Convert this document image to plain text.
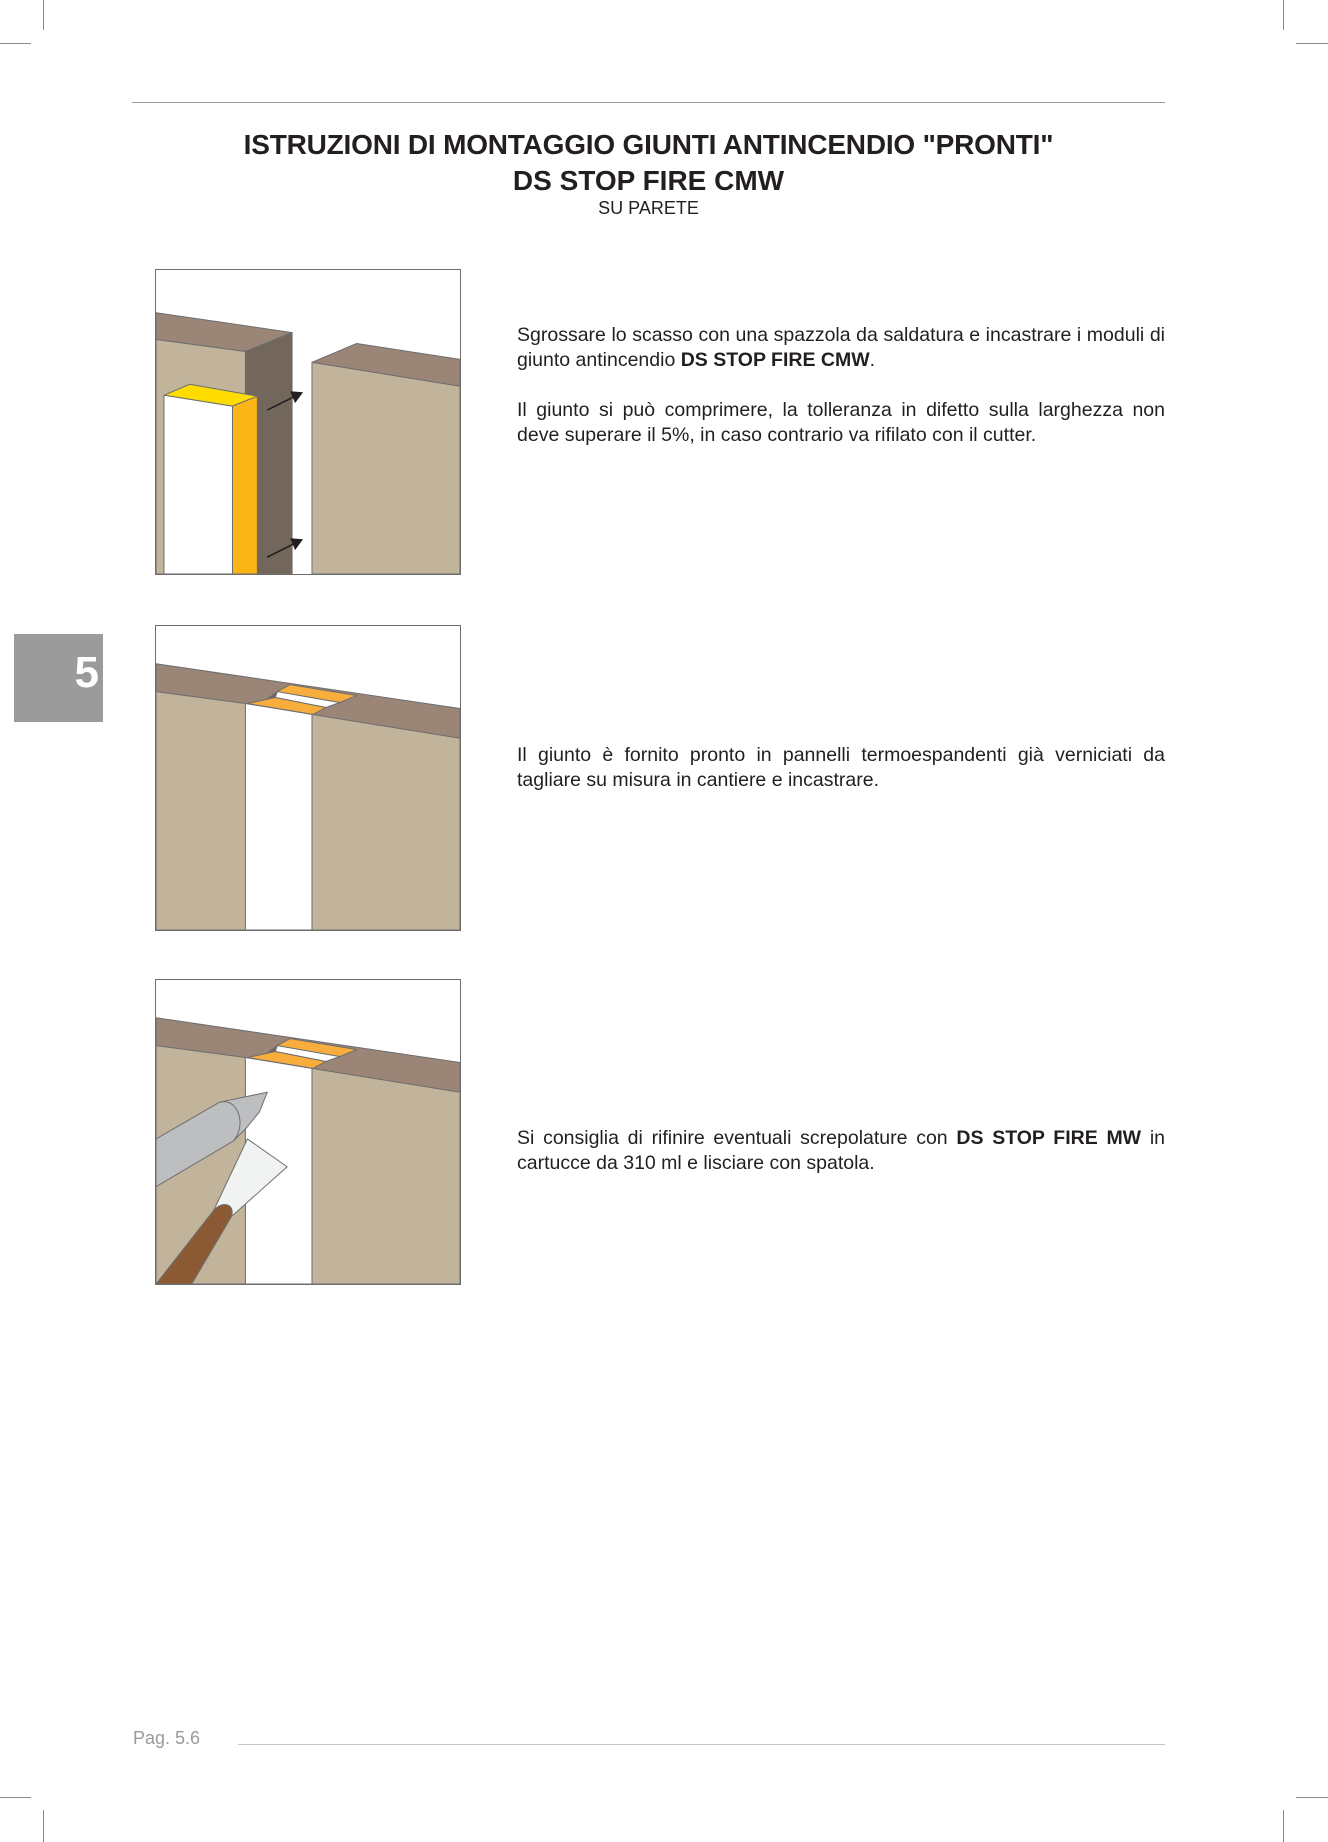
ISTRUZIONI DI MONTAGGIO GIUNTI ANTINCENDIO "PRONTI"
DS STOP FIRE CMW
SU PARETE
5

Sgrossare lo scasso con una spazzola da saldatura e incastrare i moduli di giunto antincendio DS STOP FIRE CMW.

Il giunto si può comprimere, la tolleranza in difetto sulla larghezza non deve superare il 5%, in caso contrario va rifilato con il cutter.

Il giunto è fornito pronto in pannelli termoespandenti già verniciati da tagliare su misura in cantiere e incastrare.

Si consiglia di rifinire eventuali screpolature con DS STOP FIRE MW in cartucce da 310 ml e lisciare con spatola.

Pag. 5.6
